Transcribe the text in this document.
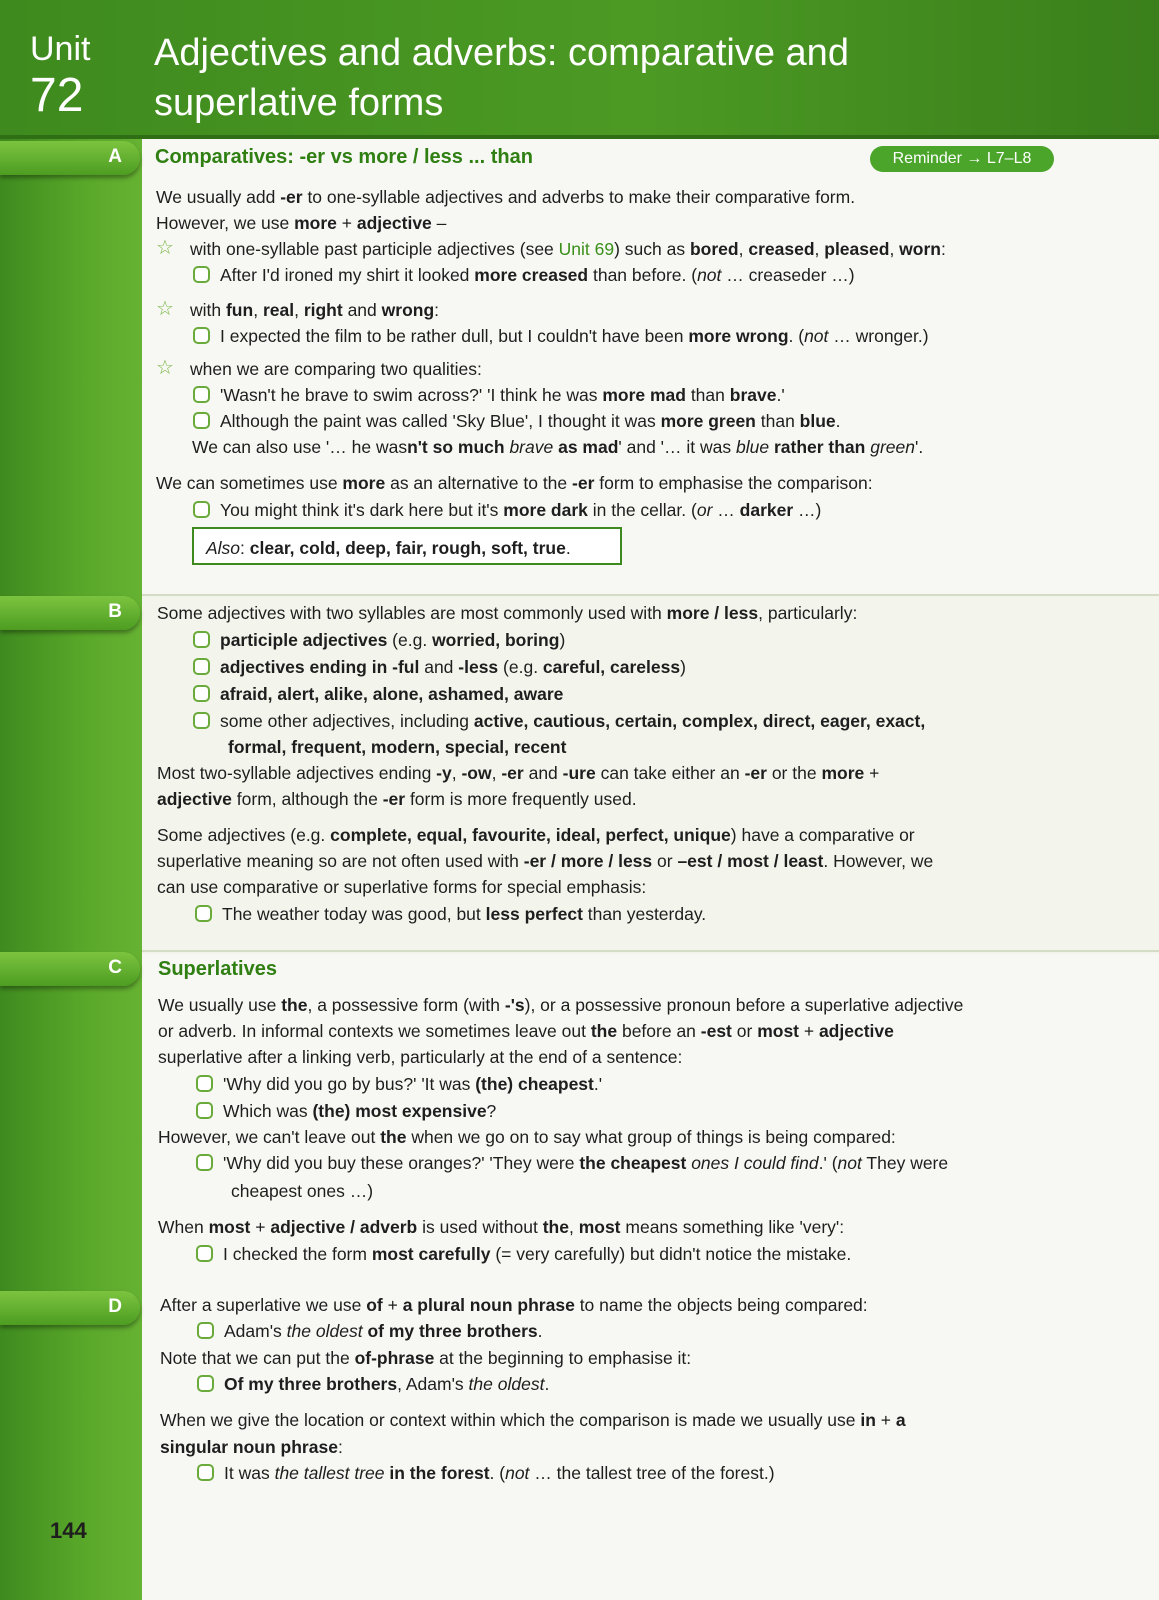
Unit
72
Adjectives and adverbs: comparative and
superlative forms
A
B
C
D
Comparatives: -er vs more / less ... than	Reminder → L7–L8
We usually add -er to one-syllable adjectives and adverbs to make their comparative form.
However, we use more + adjective –
☆ with one-syllable past participle adjectives (see Unit 69) such as bored, creased, pleased, worn:
After I'd ironed my shirt it looked more creased than before. (not … creaseder …)
☆ with fun, real, right and wrong:
I expected the film to be rather dull, but I couldn't have been more wrong. (not … wronger.)
☆ when we are comparing two qualities:
'Wasn't he brave to swim across?' 'I think he was more mad than brave.'
Although the paint was called 'Sky Blue', I thought it was more green than blue.
We can also use '… he wasn't so much brave as mad' and '… it was blue rather than green'.
We can sometimes use more as an alternative to the -er form to emphasise the comparison:
You might think it's dark here but it's more dark in the cellar. (or … darker …)
Also: clear, cold, deep, fair, rough, soft, true.
Some adjectives with two syllables are most commonly used with more / less, particularly:
participle adjectives (e.g. worried, boring)
adjectives ending in -ful and -less (e.g. careful, careless)
afraid, alert, alike, alone, ashamed, aware
some other adjectives, including active, cautious, certain, complex, direct, eager, exact,
formal, frequent, modern, special, recent
Most two-syllable adjectives ending -y, -ow, -er and -ure can take either an -er or the more +
adjective form, although the -er form is more frequently used.
Some adjectives (e.g. complete, equal, favourite, ideal, perfect, unique) have a comparative or
superlative meaning so are not often used with -er / more / less or –est / most / least. However, we
can use comparative or superlative forms for special emphasis:
The weather today was good, but less perfect than yesterday.
Superlatives
We usually use the, a possessive form (with -'s), or a possessive pronoun before a superlative adjective
or adverb. In informal contexts we sometimes leave out the before an -est or most + adjective
superlative after a linking verb, particularly at the end of a sentence:
'Why did you go by bus?' 'It was (the) cheapest.'
Which was (the) most expensive?
However, we can't leave out the when we go on to say what group of things is being compared:
'Why did you buy these oranges?' 'They were the cheapest ones I could find.' (not They were
cheapest ones …)
When most + adjective / adverb is used without the, most means something like 'very':
I checked the form most carefully (= very carefully) but didn't notice the mistake.
After a superlative we use of + a plural noun phrase to name the objects being compared:
Adam's the oldest of my three brothers.
Note that we can put the of-phrase at the beginning to emphasise it:
Of my three brothers, Adam's the oldest.
When we give the location or context within which the comparison is made we usually use in + a
singular noun phrase:
It was the tallest tree in the forest. (not … the tallest tree of the forest.)
144
